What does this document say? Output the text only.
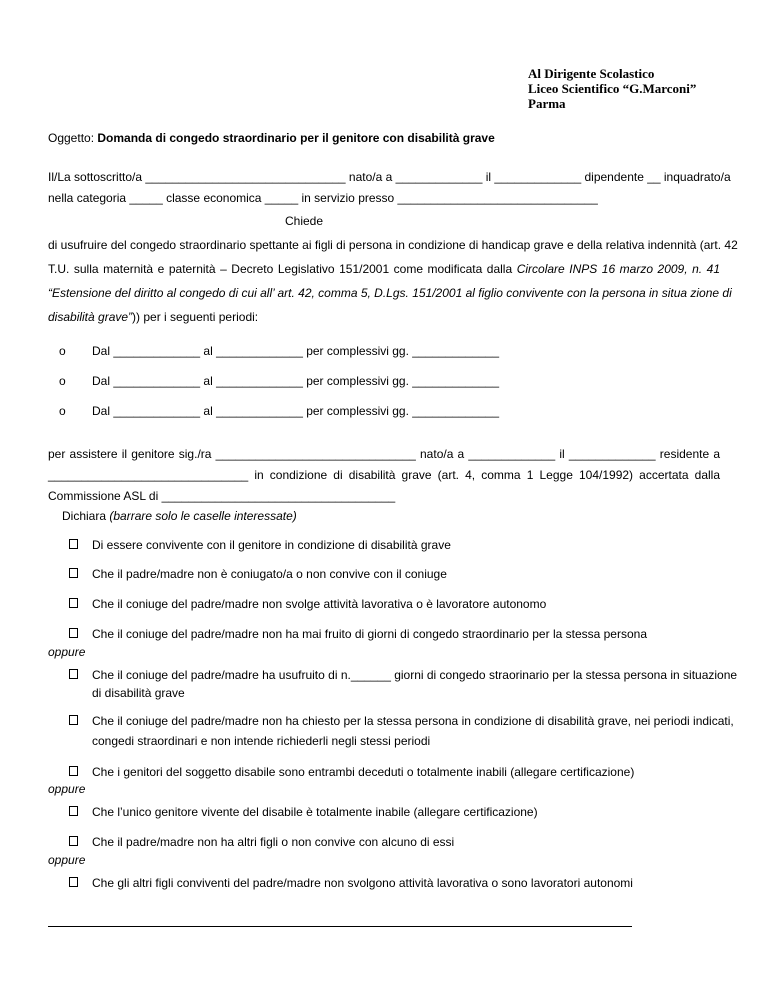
Al Dirigente Scolastico
Liceo Scientifico “G.Marconi”
Parma
Oggetto: Domanda di congedo straordinario per il genitore con disabilità grave
Il/La sottoscritto/a ______________________________ nato/a a _____________ il _____________ dipendente __ inquadrato/a
nella categoria _____ classe economica _____ in servizio presso ______________________________
Chiede
di usufruire del congedo straordinario spettante ai figli di persona in condizione di handicap grave e della relativa indennità (art. 42
T.U. sulla maternità e paternità – Decreto Legislativo 151/2001 come modificata dalla Circolare INPS 16 marzo 2009, n. 41
“Estensione del diritto al congedo di cui all’ art. 42, comma 5, D.Lgs. 151/2001 al figlio convivente con la persona in situa zione di
disabilità grave”)) per i seguenti periodi:
o Dal _____________ al _____________ per complessivi gg. _____________
o Dal _____________ al _____________ per complessivi gg. _____________
o Dal _____________ al _____________ per complessivi gg. _____________
per assistere il genitore sig./ra ______________________________ nato/a a _____________ il _____________ residente a
______________________________ in condizione di disabilità grave (art. 4, comma 1 Legge 104/1992) accertata dalla
Commissione ASL di ___________________________________
Dichiara (barrare solo le caselle interessate)
Di essere convivente con il genitore in condizione di disabilità grave
Che il padre/madre non è coniugato/a o non convive con il coniuge
Che il coniuge del padre/madre non svolge attività lavorativa o è lavoratore autonomo
Che il coniuge del padre/madre non ha mai fruito di giorni di congedo straordinario per la stessa persona
oppure
Che il coniuge del padre/madre ha usufruito di n.______ giorni di congedo straorinario per la stessa persona in situazione
di disabilità grave
Che il coniuge del padre/madre non ha chiesto per la stessa persona in condizione di disabilità grave, nei periodi indicati,
congedi straordinari e non intende richiederli negli stessi periodi
Che i genitori del soggetto disabile sono entrambi deceduti o totalmente inabili (allegare certificazione)
oppure
Che l’unico genitore vivente del disabile è totalmente inabile (allegare certificazione)
Che il padre/madre non ha altri figli o non convive con alcuno di essi
oppure
Che gli altri figli conviventi del padre/madre non svolgono attività lavorativa o sono lavoratori autonomi
